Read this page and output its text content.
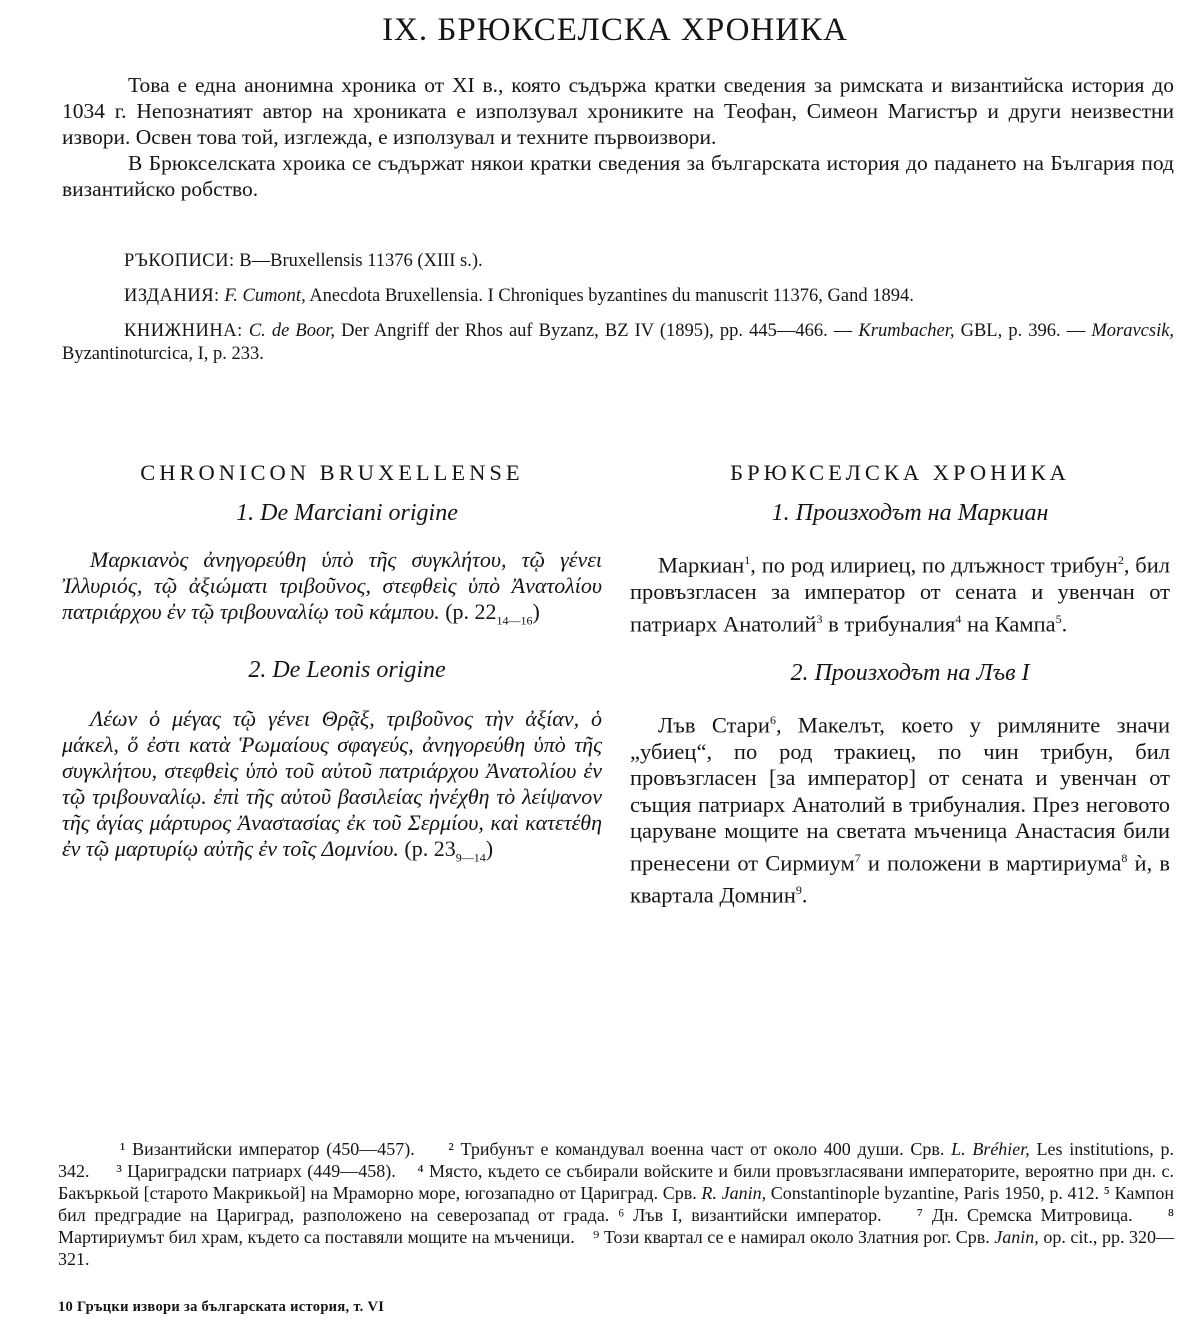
IX. БРЮКСЕЛСКА ХРОНИКА

Това е една анонимна хроника от XI в., която съдържа кратки сведения за римската и византийска история до 1034 г. Непознатият автор на хрониката е използувал хрониките на Теофан, Симеон Магистър и други неизвестни извори. Освен това той, изглежда, е използувал и техните първоизвори.

В Брюкселската хроика се съдържат някои кратки сведения за българската история до падането на България под византийско робство.

РЪКОПИСИ: B—Bruxellensis 11376 (XIII s.).

ИЗДАНИЯ: F. Cumont, Anecdota Bruxellensia. I Chroniques byzantines du manuscrit 11376, Gand 1894.

КНИЖНИНА: C. de Boor, Der Angriff der Rhos auf Byzanz, BZ IV (1895), pp. 445—466. — Krumbacher, GBL, p. 396. — Moravcsik, Byzantinoturcica, I, p. 233.

CHRONICON BRUXELLENSE
1. De Marciani origine

Μαρκιανὸς ἀνηγορεύθη ὑπὸ τῆς συγκλήτου, τῷ γένει Ἰλλυριός, τῷ ἀξιώματι τριβοῦνος, στεφθεὶς ὑπὸ Ἀνατολίου πατριάρχου ἐν τῷ τριβουναλίῳ τοῦ κάμπου. (p. $22_{14—16}$)

2. De Leonis origine

Λέων ὁ μέγας τῷ γένει Θρᾷξ, τριβοῦνος τὴν ἀξίαν, ὁ μάκελ, ὅ ἐστι κατὰ Ῥωμαίους σφαγεύς, ἀνηγορεύθη ὑπὸ τῆς συγκλήτου, στεφθεὶς ὑπὸ τοῦ αὐτοῦ πατριάρχου Ἀνατολίου ἐν τῷ τριβουναλίῳ. ἐπὶ τῆς αὐτοῦ βασιλείας ἠνέχθη τὸ λείψανον τῆς ἁγίας μάρτυρος Ἀναστασίας ἐκ τοῦ Σερμίου, καὶ κατετέθη ἐν τῷ μαρτυρίῳ αὐτῆς ἐν τοῖς Δομνίου. (p. $23_{9—14}$)

БРЮКСЕЛСКА ХРОНИКА
1. Произходът на Маркиан

Маркиан$^1$, по род илириец, по длъжност трибун$^2$, бил провъзгласен за император от сената и увенчан от патриарх Анатолий$^3$ в трибуналия$^4$ на Кампа$^5$.

2. Произходът на Лъв I

Лъв Стари$^6$, Макелът, което у римляните значи „убиец“, по род тракиец, по чин трибун, бил провъзгласен [за император] от сената и увенчан от същия патриарх Анатолий в трибуналия. През неговото царуване мощите на светата мъченица Анастасия били пренесени от Сирмиум$^7$ и положени в мартириума$^8$ ѝ, в квартала Домнин$^9$.

¹ Византийски император (450—457). ² Трибунът е командувал военна част от около 400 души. Срв. L. Bréhier, Les institutions, p. 342. ³ Цариградски патриарх (449—458). ⁴ Място, където се събирали войските и били провъзгласявани императорите, вероятно при дн. с. Бакъркьой [старото Макрикьой] на Мраморно море, югозападно от Цариград. Срв. R. Janin, Constantinople byzantine, Paris 1950, p. 412. ⁵ Кампон бил предградие на Цариград, разположено на северозапад от града. ⁶ Лъв I, византийски император. ⁷ Дн. Сремска Митровица. ⁸ Мартириумът бил храм, където са поставяли мощите на мъченици. ⁹ Този квартал се е намирал около Златния рог. Срв. Janin, op. cit., pp. 320—321.

10 Гръцки извори за българската история, т. VI
